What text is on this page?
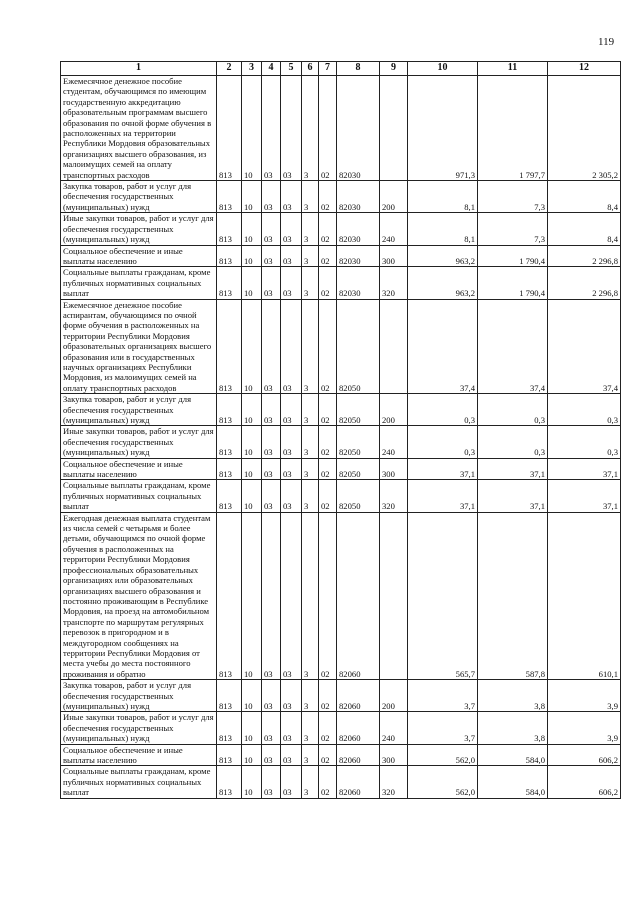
119
1	2	3	4	5	6	7	8	9	10	11	12
Ежемесячное денежное пособие студентам, обучающимся по имеющим государственную аккредитацию образовательным программам высшего образования по очной форме обучения в расположенных на территории Республики Мордовия образовательных организациях высшего образования, из малоимущих семей на оплату транспортных расходов	813	10	03	03	3	02	82030		971,3	1 797,7	2 305,2
Закупка товаров, работ и услуг для обеспечения государственных (муниципальных) нужд	813	10	03	03	3	02	82030	200	8,1	7,3	8,4
Иные закупки товаров, работ и услуг для обеспечения государственных (муниципальных) нужд	813	10	03	03	3	02	82030	240	8,1	7,3	8,4
Социальное обеспечение и иные выплаты населению	813	10	03	03	3	02	82030	300	963,2	1 790,4	2 296,8
Социальные выплаты гражданам, кроме публичных нормативных социальных выплат	813	10	03	03	3	02	82030	320	963,2	1 790,4	2 296,8
Ежемесячное денежное пособие аспирантам, обучающимся по очной форме обучения в расположенных на территории Республики Мордовия образовательных организациях высшего образования или в государственных научных организациях Республики Мордовия, из малоимущих семей на оплату транспортных расходов	813	10	03	03	3	02	82050		37,4	37,4	37,4
Закупка товаров, работ и услуг для обеспечения государственных (муниципальных) нужд	813	10	03	03	3	02	82050	200	0,3	0,3	0,3
Иные закупки товаров, работ и услуг для обеспечения государственных (муниципальных) нужд	813	10	03	03	3	02	82050	240	0,3	0,3	0,3
Социальное обеспечение и иные выплаты населению	813	10	03	03	3	02	82050	300	37,1	37,1	37,1
Социальные выплаты гражданам, кроме публичных нормативных социальных выплат	813	10	03	03	3	02	82050	320	37,1	37,1	37,1
Ежегодная денежная выплата студентам из числа семей с четырьмя и более детьми, обучающимся по очной форме обучения в расположенных на территории Республики Мордовия профессиональных образовательных организациях или образовательных организациях высшего образования и постоянно проживающим в Республике Мордовия, на проезд на автомобильном транспорте по маршрутам регулярных перевозок в пригородном и в междугородном сообщениях на территории Республики Мордовия от места учебы до места постоянного проживания и обратно	813	10	03	03	3	02	82060		565,7	587,8	610,1
Закупка товаров, работ и услуг для обеспечения государственных (муниципальных) нужд	813	10	03	03	3	02	82060	200	3,7	3,8	3,9
Иные закупки товаров, работ и услуг для обеспечения государственных (муниципальных) нужд	813	10	03	03	3	02	82060	240	3,7	3,8	3,9
Социальное обеспечение и иные выплаты населению	813	10	03	03	3	02	82060	300	562,0	584,0	606,2
Социальные выплаты гражданам, кроме публичных нормативных социальных выплат	813	10	03	03	3	02	82060	320	562,0	584,0	606,2
